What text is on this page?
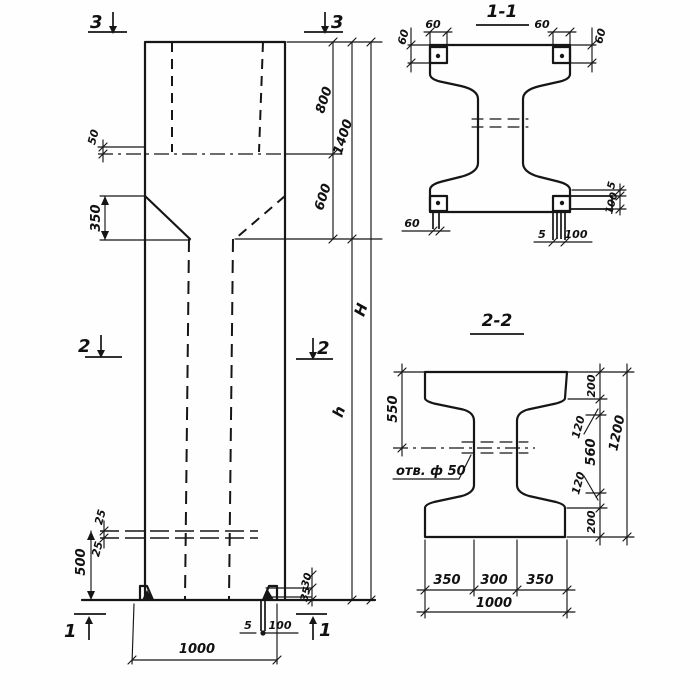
3	3
2	2
1	1
50
350
800
1400
600
H
h
25
25
500
30
35
5 100
1000
1-1
60	60
60	60
60
5 100
5
100
2-2
отв. ф 50
550
200
120
560
120
200
1200
350 300 350
1000
